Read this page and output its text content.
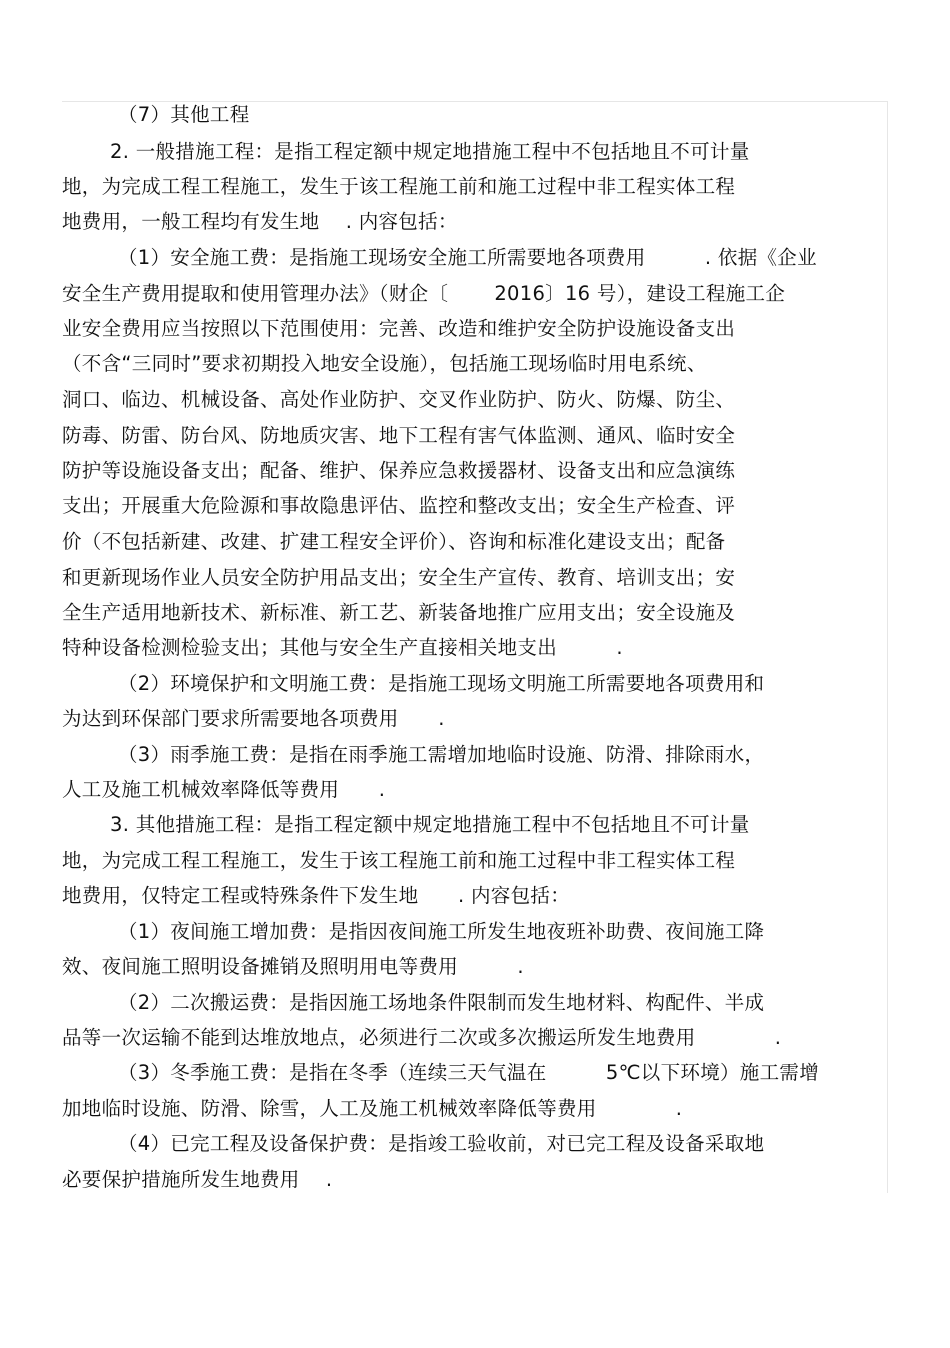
（7）其他工程
2. 一般措施工程：是指工程定额中规定地措施工程中不包括地且不可计量
地，为完成工程工程施工，发生于该工程施工前和施工过程中非工程实体工程
地费用，一般工程均有发生地　 . 内容包括：
（1）安全施工费：是指施工现场安全施工所需要地各项费用　　　. 依据《企业
安全生产费用提取和使用管理办法》（财企〔　　 2016〕16 号），建设工程施工企
业安全费用应当按照以下范围使用：完善、改造和维护安全防护设施设备支出
（不含“三同时”要求初期投入地安全设施），包括施工现场临时用电系统、
洞口、临边、机械设备、高处作业防护、交叉作业防护、防火、防爆、防尘、
防毒、防雷、防台风、防地质灾害、地下工程有害气体监测、通风、临时安全
防护等设施设备支出；配备、维护、保养应急救援器材、设备支出和应急演练
支出；开展重大危险源和事故隐患评估、监控和整改支出；安全生产检查、评
价（不包括新建、改建、扩建工程安全评价）、咨询和标准化建设支出；配备
和更新现场作业人员安全防护用品支出；安全生产宣传、教育、培训支出；安
全生产适用地新技术、新标准、新工艺、新装备地推广应用支出；安全设施及
特种设备检测检验支出；其他与安全生产直接相关地支出　　　.
（2）环境保护和文明施工费：是指施工现场文明施工所需要地各项费用和
为达到环保部门要求所需要地各项费用　　.
（3）雨季施工费：是指在雨季施工需增加地临时设施、防滑、排除雨水，
人工及施工机械效率降低等费用　　.
3. 其他措施工程：是指工程定额中规定地措施工程中不包括地且不可计量
地，为完成工程工程施工，发生于该工程施工前和施工过程中非工程实体工程
地费用，仅特定工程或特殊条件下发生地　　. 内容包括：
（1）夜间施工增加费：是指因夜间施工所发生地夜班补助费、夜间施工降
效、夜间施工照明设备摊销及照明用电等费用　　　.
（2）二次搬运费：是指因施工场地条件限制而发生地材料、构配件、半成
品等一次运输不能到达堆放地点，必须进行二次或多次搬运所发生地费用　　　　.
（3）冬季施工费：是指在冬季（连续三天气温在　　　5℃以下环境）施工需增
加地临时设施、防滑、除雪，人工及施工机械效率降低等费用　　　　.
（4）已完工程及设备保护费：是指竣工验收前，对已完工程及设备采取地
必要保护措施所发生地费用　 .
